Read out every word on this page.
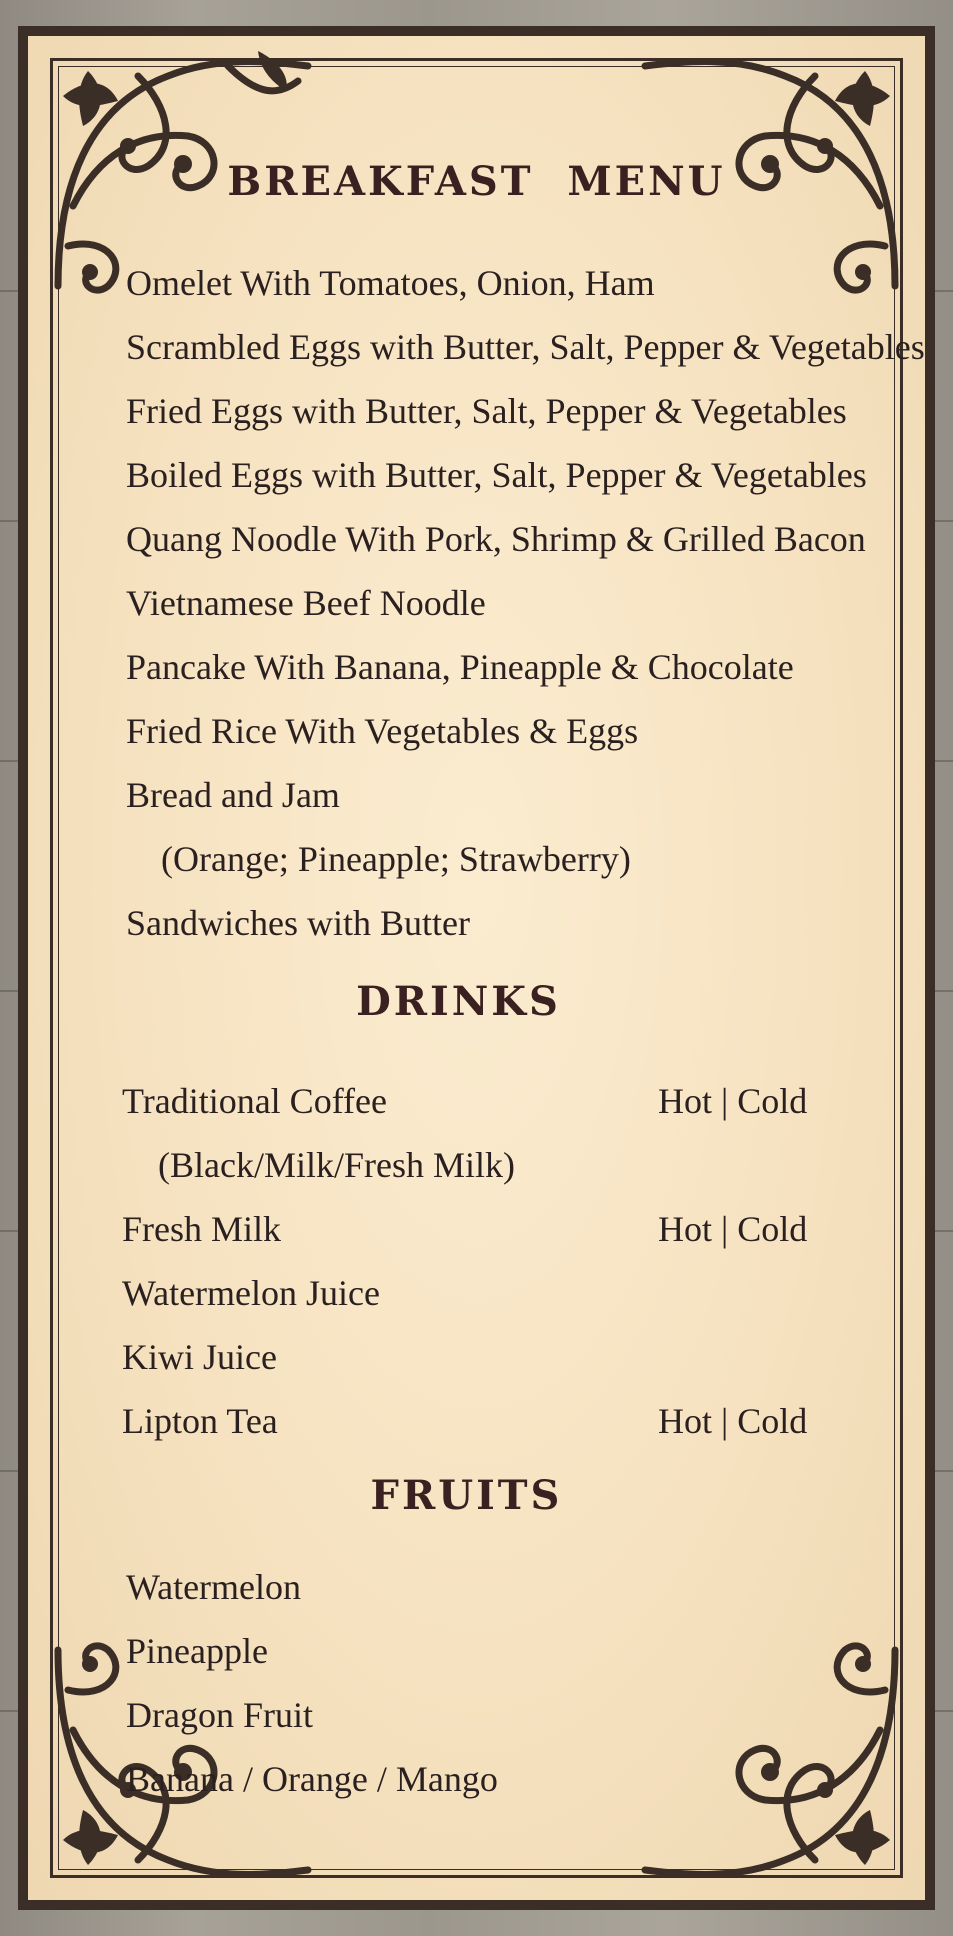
BREAKFAST  MENU
Omelet With Tomatoes, Onion, Ham
Scrambled Eggs with Butter, Salt, Pepper & Vegetables
Fried Eggs with Butter, Salt, Pepper & Vegetables
Boiled Eggs with Butter, Salt, Pepper & Vegetables
Quang Noodle With Pork, Shrimp & Grilled Bacon
Vietnamese Beef Noodle
Pancake With Banana, Pineapple & Chocolate
Fried Rice With Vegetables & Eggs
Bread and Jam
(Orange; Pineapple; Strawberry)
Sandwiches with Butter
DRINKS
Traditional Coffee	Hot | Cold
(Black/Milk/Fresh Milk)
Fresh Milk	Hot | Cold
Watermelon Juice
Kiwi Juice
Lipton Tea	Hot | Cold
FRUITS
Watermelon
Pineapple
Dragon Fruit
Banana / Orange / Mango
